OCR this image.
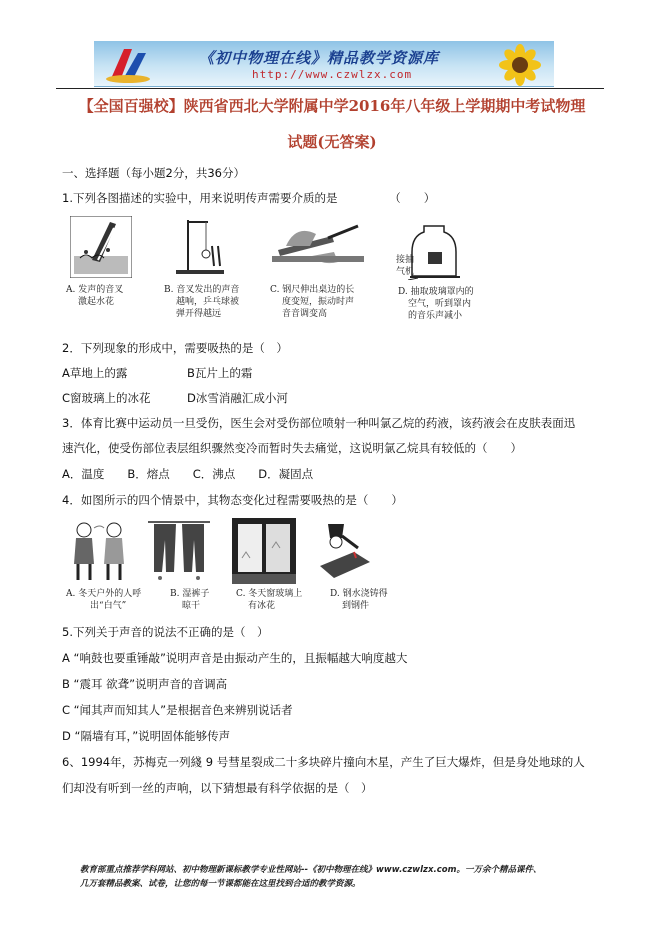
《初中物理在线》精品教学资源库
http://www.czwlzx.com
【全国百强校】陕西省西北大学附属中学2016年八年级上学期期中考试物理
试题(无答案)
一、选择题（每小题2分，共36分）
1.下列各图描述的实验中，用来说明传声需要介质的是　　　　　（　　）
A. 发声的音叉
激起水花
B. 音叉发出的声音
越响，乒乓球被
弹开得越远
C. 钢尺伸出桌边的长
度变短，振动时声
音音调变高
接抽
气机
D. 抽取玻璃罩内的
空气，听到罩内
的音乐声减小
2．下列现象的形成中，需要吸热的是（　）
A草地上的露	B瓦片上的霜
C窗玻璃上的冰花	D冰雪消融汇成小河
3．体育比赛中运动员一旦受伤，医生会对受伤部位喷射一种叫氯乙烷的药液，该药液会在皮肤表面迅
速汽化，使受伤部位表层组织骤然变冷而暂时失去痛觉，这说明氯乙烷具有较低的（　　）
A．温度　　B．熔点　　C．沸点　　D．凝固点
4．如图所示的四个情景中，其物态变化过程需要吸热的是（　　）
A. 冬天户外的人呼
出“白气”
B. 湿裤子
晾干
C. 冬天窗玻璃上
有冰花
D. 钢水浇铸得
到钢件
5.下列关于声音的说法不正确的是（　）
A “响鼓也要重锤敲”说明声音是由振动产生的，且振幅越大响度越大
B “震耳 欲聋”说明声音的音调高
C “闻其声而知其人”是根据音色来辨别说话者
D “隔墙有耳，”说明固体能够传声
6、1994年，苏梅克一列綫 9 号彗星裂成二十多块碎片撞向木星，产生了巨大爆炸，但是身处地球的人
们却没有听到一丝的声响，以下猜想最有科学依据的是（　）
教育部重点推荐学科网站、初中物理新课标教学专业性网站--《初中物理在线》www.czwlzx.com。一万余个精品课件、
几万套精品教案、试卷，让您的每一节课都能在这里找到合适的教学资源。
